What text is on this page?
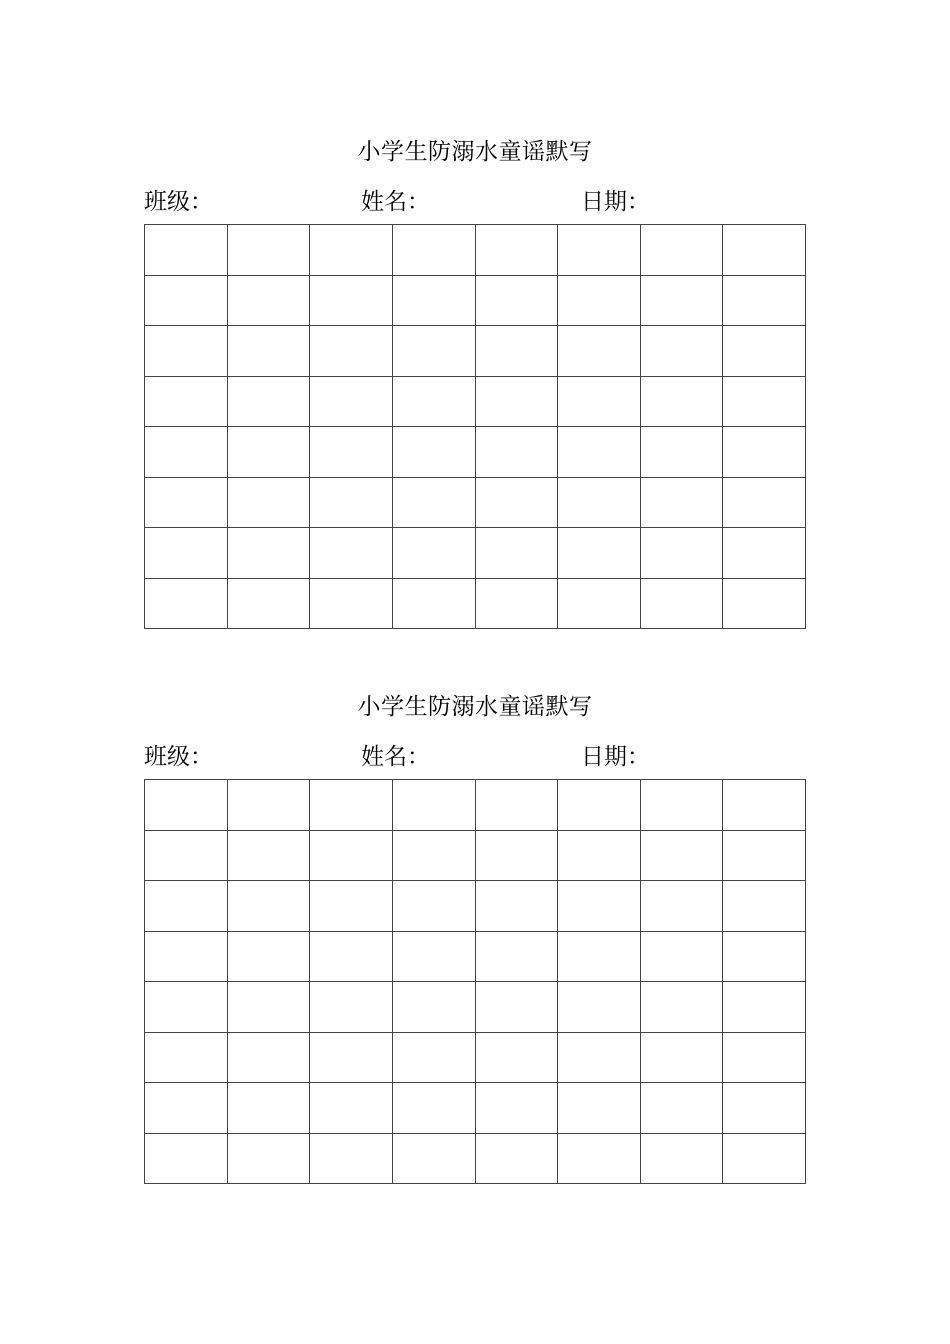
小学生防溺水童谣默写
班级：	姓名：	日期：
小学生防溺水童谣默写
班级：	姓名：	日期：
